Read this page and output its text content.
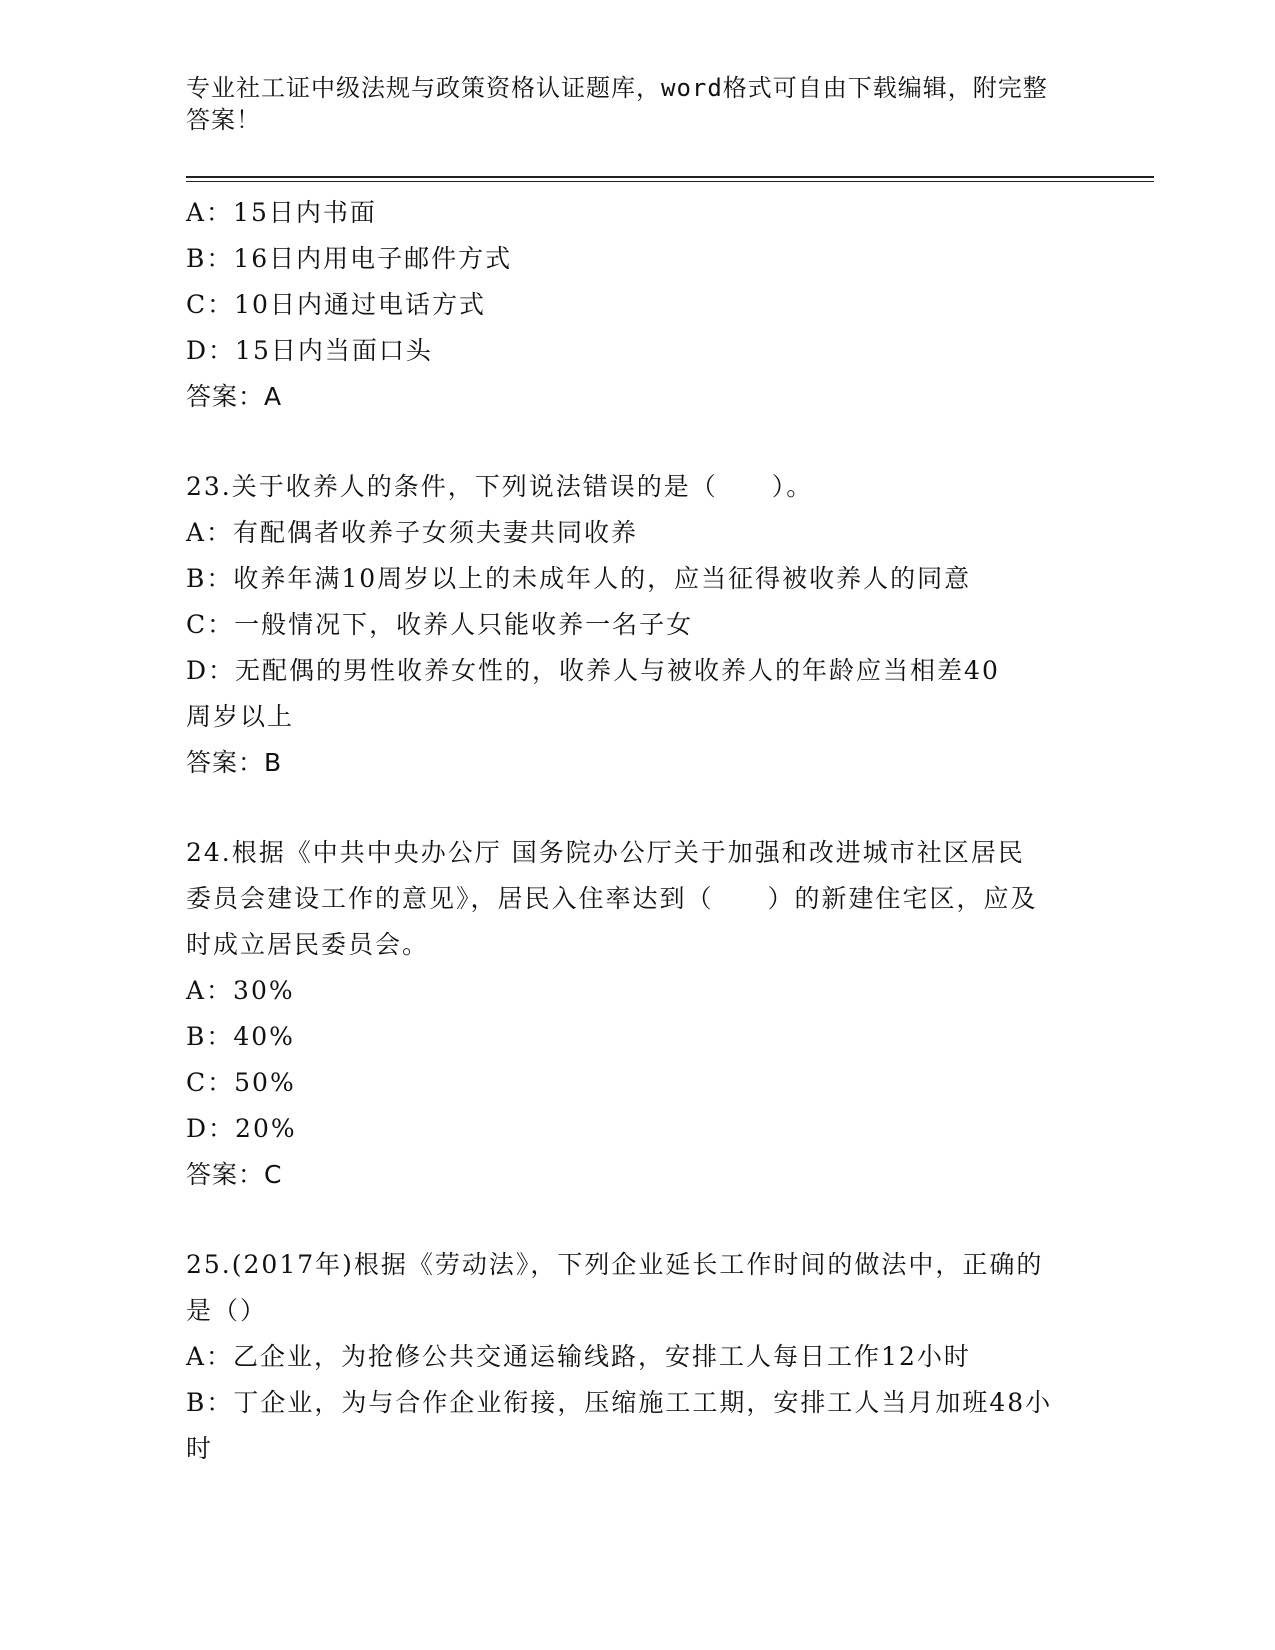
专业社工证中级法规与政策资格认证题库，word格式可自由下载编辑，附完整答案！
A：15日内书面
B：16日内用电子邮件方式
C：10日内通过电话方式
D：15日内当面口头
答案：A
23.关于收养人的条件，下列说法错误的是（　　）。
A：有配偶者收养子女须夫妻共同收养
B：收养年满10周岁以上的未成年人的，应当征得被收养人的同意
C：一般情况下，收养人只能收养一名子女
D：无配偶的男性收养女性的，收养人与被收养人的年龄应当相差40周岁以上
答案：B
24.根据《中共中央办公厅 国务院办公厅关于加强和改进城市社区居民委员会建设工作的意见》，居民入住率达到（　　）的新建住宅区，应及时成立居民委员会。
A：30%
B：40%
C：50%
D：20%
答案：C
25.(2017年)根据《劳动法》，下列企业延长工作时间的做法中，正确的是（）
A：乙企业，为抢修公共交通运输线路，安排工人每日工作12小时
B：丁企业，为与合作企业衔接，压缩施工工期，安排工人当月加班48小时
